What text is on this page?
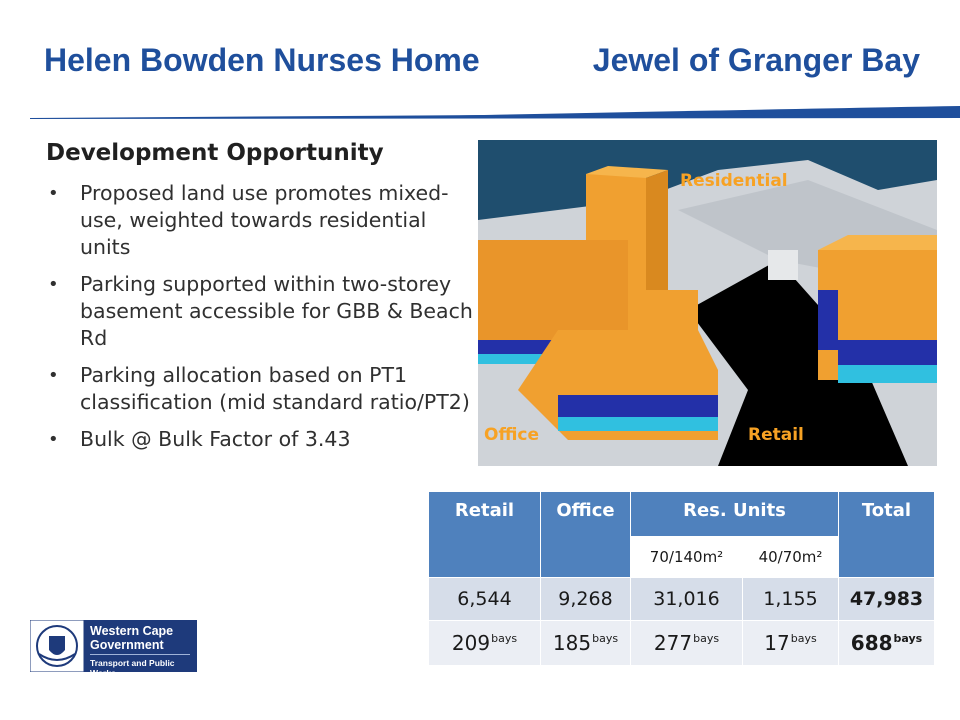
Helen Bowden Nurses Home	Jewel of Granger Bay
Development Opportunity
• Proposed land use promotes mixed-use, weighted towards residential units
• Parking supported within two-storey basement accessible for GBB & Beach Rd
• Parking allocation based on PT1 classification (mid standard ratio/PT2)
• Bulk @ Bulk Factor of 3.43
Residential
Office	Retail
Retail	Office	Res. Units		Total
		70/140m²	40/70m²	
6,544	9,268	31,016	1,155	47,983
$209^{bays}$	$185^{bays}$	$277^{bays}$	$17^{bays}$	$688^{bays}$
Western Cape
Government
Transport and Public Works
